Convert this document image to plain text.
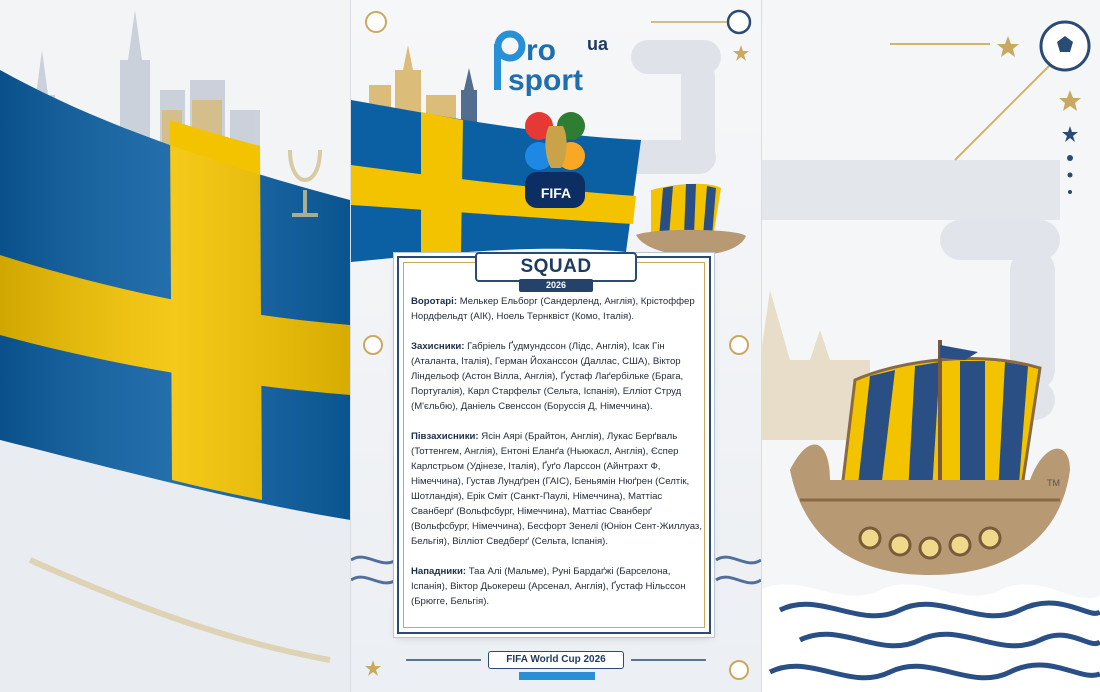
TM
ro ua
sport
FIFA
SQUAD
2026

Воротарі: Мелькер Ельборг (Сандерленд, Англія), Крістоффер Нордфельдт (АІК), Ноель Тернквіст (Комо, Італія).

Захисники: Габріель Ґудмундссон (Лідс, Англія), Ісак Гін (Аталанта, Італія), Герман Йоханссон (Даллас, США), Віктор Ліндельоф (Астон Вілла, Англія), Ґустаф Лаґербільке (Брага, Португалія), Карл Старфельт (Сельта, Іспанія), Елліот Струд (М'єльбю), Даніель Свенссон (Боруссія Д, Німеччина).

Півзахисники: Ясін Аярі (Брайтон, Англія), Лукас Берґваль (Тоттенгем, Англія), Ентоні Еланґа (Ньюкасл, Англія), Єспер Карлстрьом (Удінезе, Італія), Ґуґо Ларссон (Айнтрахт Ф, Німеччина), Густав Лундґрен (ГАІС), Беньямін Нюґрен (Селтік, Шотландія), Ерік Сміт (Санкт-Паулі, Німеччина), Маттіас Сванберґ (Вольфсбург, Німеччина), Маттіас Сванберґ (Вольфсбург, Німеччина), Бесфорт Зенелі (Юніон Сент-Жиллуаз, Бельгія), Вілліот Сведберґ (Сельта, Іспанія).

Нападники: Таа Алі (Мальме), Руні Бардаґжі (Барселона, Іспанія), Віктор Дьокереш (Арсенал, Англія), Ґустаф Нільссон (Брюгге, Бельгія).

FIFA World Cup 2026
